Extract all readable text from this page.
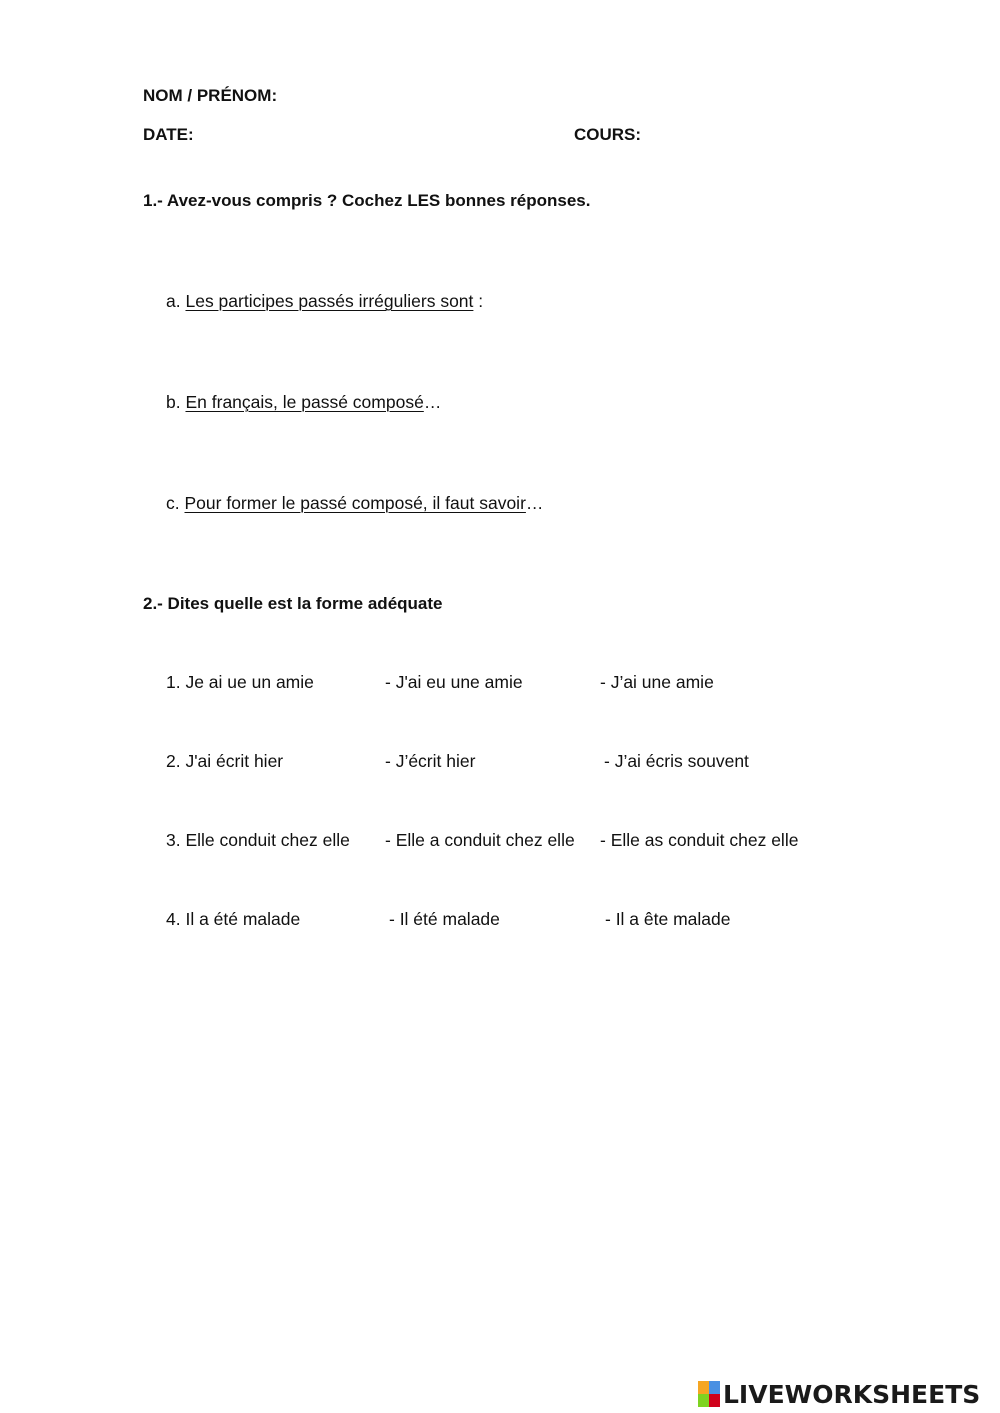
NOM / PRÉNOM:
DATE:	COURS:
1.- Avez-vous compris ? Cochez LES bonnes réponses.
a. Les participes passés irréguliers sont :
b. En français, le passé composé…
c. Pour former le passé composé, il faut savoir…
2.- Dites quelle est la forme adéquate
1. Je ai ue un amie	- J'ai eu une amie	- J’ai une amie
2. J'ai écrit hier	- J’écrit hier	- J’ai écris souvent
3. Elle conduit chez elle - Elle a conduit chez elle - Elle as conduit chez elle
4. Il a été malade	- Il été malade	- Il a ête malade
LIVEWORKSHEETS
